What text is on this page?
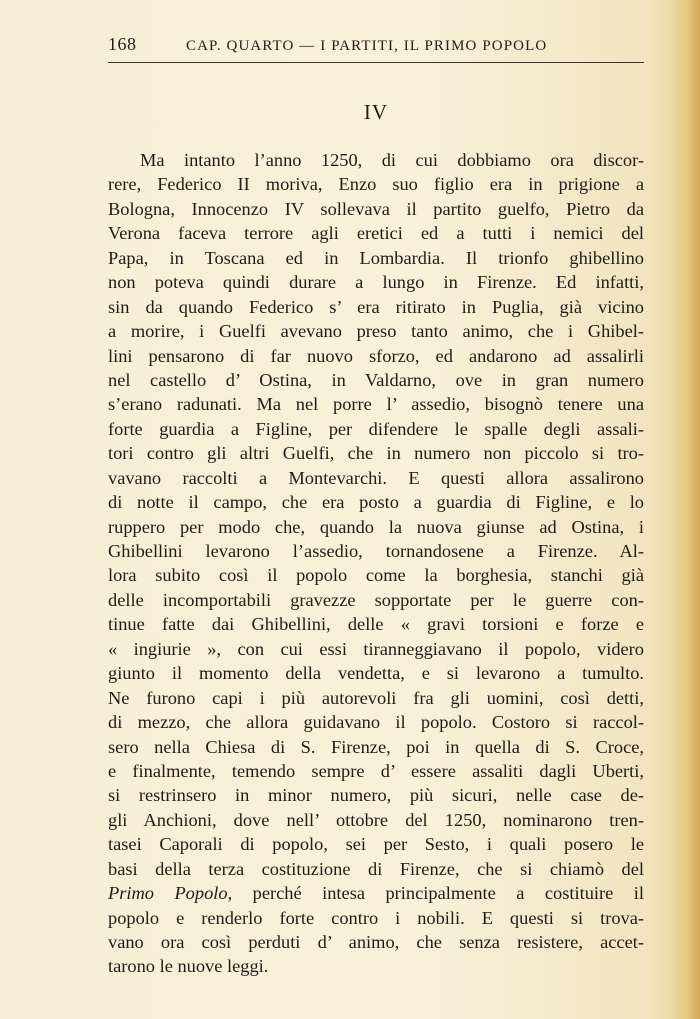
168	CAP. QUARTO — I PARTITI, IL PRIMO POPOLO
IV
Ma intanto l’anno 1250, di cui dobbiamo ora discor-
rere, Federico II moriva, Enzo suo figlio era in prigione a
Bologna, Innocenzo IV sollevava il partito guelfo, Pietro da
Verona faceva terrore agli eretici ed a tutti i nemici del
Papa, in Toscana ed in Lombardia. Il trionfo ghibellino
non poteva quindi durare a lungo in Firenze. Ed infatti,
sin da quando Federico s’ era ritirato in Puglia, già vicino
a morire, i Guelfi avevano preso tanto animo, che i Ghibel-
lini pensarono di far nuovo sforzo, ed andarono ad assalirli
nel castello d’ Ostina, in Valdarno, ove in gran numero
s’erano radunati. Ma nel porre l’ assedio, bisognò tenere una
forte guardia a Figline, per difendere le spalle degli assali-
tori contro gli altri Guelfi, che in numero non piccolo si tro-
vavano raccolti a Montevarchi. E questi allora assalirono
di notte il campo, che era posto a guardia di Figline, e lo
ruppero per modo che, quando la nuova giunse ad Ostina, i
Ghibellini levarono l’assedio, tornandosene a Firenze. Al-
lora subito così il popolo come la borghesia, stanchi già
delle incomportabili gravezze sopportate per le guerre con-
tinue fatte dai Ghibellini, delle « gravi torsioni e forze e
« ingiurie », con cui essi tiranneggiavano il popolo, videro
giunto il momento della vendetta, e si levarono a tumulto.
Ne furono capi i più autorevoli fra gli uomini, così detti,
di mezzo, che allora guidavano il popolo. Costoro si raccol-
sero nella Chiesa di S. Firenze, poi in quella di S. Croce,
e finalmente, temendo sempre d’ essere assaliti dagli Uberti,
si restrinsero in minor numero, più sicuri, nelle case de-
gli Anchioni, dove nell’ ottobre del 1250, nominarono tren-
tasei Caporali di popolo, sei per Sesto, i quali posero le
basi della terza costituzione di Firenze, che si chiamò del
Primo Popolo, perché intesa principalmente a costituire il
popolo e renderlo forte contro i nobili. E questi si trova-
vano ora così perduti d’ animo, che senza resistere, accet-
tarono le nuove leggi.
